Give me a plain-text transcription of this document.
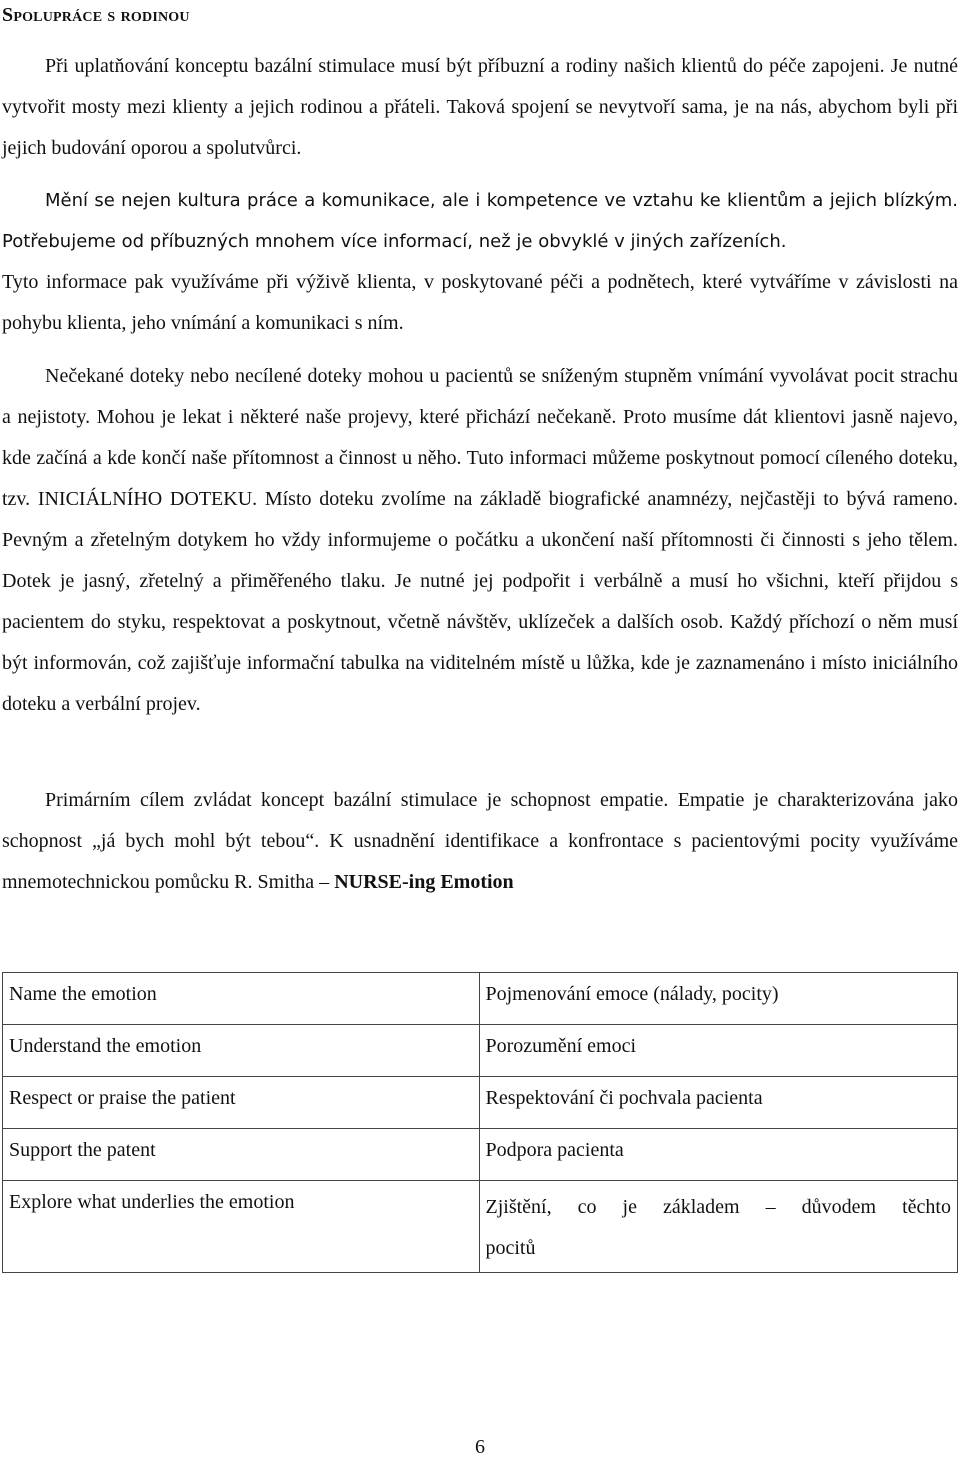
Spolupráce s rodinou

Při uplatňování konceptu bazální stimulace musí být příbuzní a rodiny našich klientů do péče zapojeni. Je nutné vytvořit mosty mezi klienty a jejich rodinou a přáteli. Taková spojení se nevytvoří sama, je na nás, abychom byli při jejich budování oporou a spolutvůrci.

Mění se nejen kultura práce a komunikace, ale i kompetence ve vztahu ke klientům a jejich blízkým. Potřebujeme od příbuzných mnohem více informací, než je obvyklé v jiných zařízeních.

Tyto informace pak využíváme při výživě klienta, v poskytované péči a podnětech, které vytváříme v závislosti na pohybu klienta, jeho vnímání a komunikaci s ním.

Nečekané doteky nebo necílené doteky mohou u pacientů se sníženým stupněm vnímání vyvolávat pocit strachu a nejistoty. Mohou je lekat i některé naše projevy, které přichází nečekaně. Proto musíme dát klientovi jasně najevo, kde začíná a kde končí naše přítomnost a činnost u něho. Tuto informaci můžeme poskytnout pomocí cíleného doteku, tzv. INICIÁLNÍHO DOTEKU. Místo doteku zvolíme na základě biografické anamnézy, nejčastěji to bývá rameno. Pevným a zřetelným dotykem ho vždy informujeme o počátku a ukončení naší přítomnosti či činnosti s jeho tělem. Dotek je jasný, zřetelný a přiměřeného tlaku. Je nutné jej podpořit i verbálně a musí ho všichni, kteří přijdou s pacientem do styku, respektovat a poskytnout, včetně návštěv, uklízeček a dalších osob. Každý příchozí o něm musí být informován, což zajišťuje informační tabulka na viditelném místě u lůžka, kde je zaznamenáno i místo iniciálního doteku a verbální projev.

Primárním cílem zvládat koncept bazální stimulace je schopnost empatie. Empatie je charakterizována jako schopnost „já bych mohl být tebou“. K usnadnění identifikace a konfrontace s pacientovými pocity využíváme mnemotechnickou pomůcku R. Smitha – NURSE-ing Emotion

Name the emotion	Pojmenování emoce (nálady, pocity)
Understand the emotion	Porozumění emoci
Respect or praise the patient	Respektování či pochvala pacienta
Support the patent	Podpora pacienta
Explore what underlies the emotion	Zjištění, co je základem – důvodem těchto
pocitů

6
